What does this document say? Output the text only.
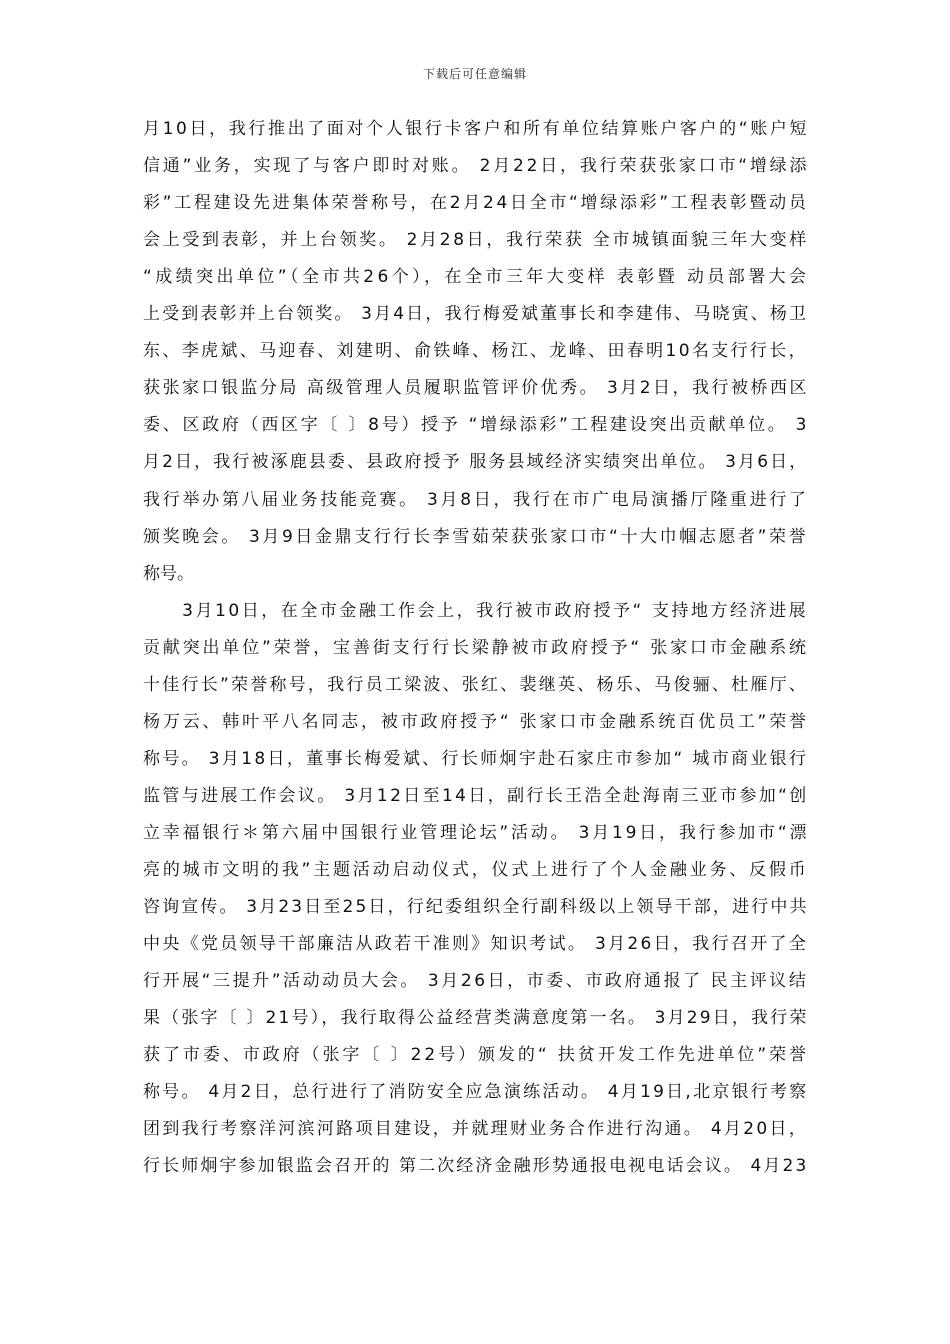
下载后可任意编辑
月10日，我行推出了面对个人银行卡客户和所有单位结算账户客户的“账户短
信通”业务，实现了与客户即时对账。 2月22日，我行荣获张家口市“增绿添
彩”工程建设先进集体荣誉称号，在2月24日全市“增绿添彩”工程表彰暨动员
会上受到表彰，并上台领奖。 2月28日，我行荣获 全市城镇面貌三年大变样
“成绩突出单位”（全市共26个），在全市三年大变样 表彰暨 动员部署大会
上受到表彰并上台领奖。 3月4日，我行梅爱斌董事长和李建伟、马晓寅、杨卫
东、李虎斌、马迎春、刘建明、俞铁峰、杨江、龙峰、田春明10名支行行长，
获张家口银监分局 高级管理人员履职监管评价优秀。 3月2日，我行被桥西区
委、区政府（西区字〔 〕8号）授予 “增绿添彩”工程建设突出贡献单位。 3
月2日，我行被涿鹿县委、县政府授予 服务县域经济实绩突出单位。 3月6日，
我行举办第八届业务技能竞赛。 3月8日，我行在市广电局演播厅隆重进行了
颁奖晚会。 3月9日金鼎支行行长李雪茹荣获张家口市“十大巾帼志愿者”荣誉
称号。
　　3月10日，在全市金融工作会上，我行被市政府授予“ 支持地方经济进展
贡献突出单位”荣誉，宝善街支行行长梁静被市政府授予“ 张家口市金融系统
十佳行长”荣誉称号，我行员工梁波、张红、裴继英、杨乐、马俊骊、杜雁厅、
杨万云、韩叶平八名同志，被市政府授予“ 张家口市金融系统百优员工”荣誉
称号。 3月18日，董事长梅爱斌、行长师炯宇赴石家庄市参加“ 城市商业银行
监管与进展工作会议。 3月12日至14日，副行长王浩全赴海南三亚市参加“创
立幸福银行＊第六届中国银行业管理论坛”活动。 3月19日，我行参加市“漂
亮的城市文明的我”主题活动启动仪式，仪式上进行了个人金融业务、反假币
咨询宣传。 3月23日至25日，行纪委组织全行副科级以上领导干部，进行中共
中央《党员领导干部廉洁从政若干准则》知识考试。 3月26日，我行召开了全
行开展“三提升”活动动员大会。 3月26日，市委、市政府通报了 民主评议结
果（张字〔 〕21号），我行取得公益经营类满意度第一名。 3月29日，我行荣
获了市委、市政府（张字〔 〕22号）颁发的“ 扶贫开发工作先进单位”荣誉
称号。 4月2日，总行进行了消防安全应急演练活动。 4月19日,北京银行考察
团到我行考察洋河滨河路项目建设，并就理财业务合作进行沟通。 4月20日，
行长师炯宇参加银监会召开的 第二次经济金融形势通报电视电话会议。 4月23
